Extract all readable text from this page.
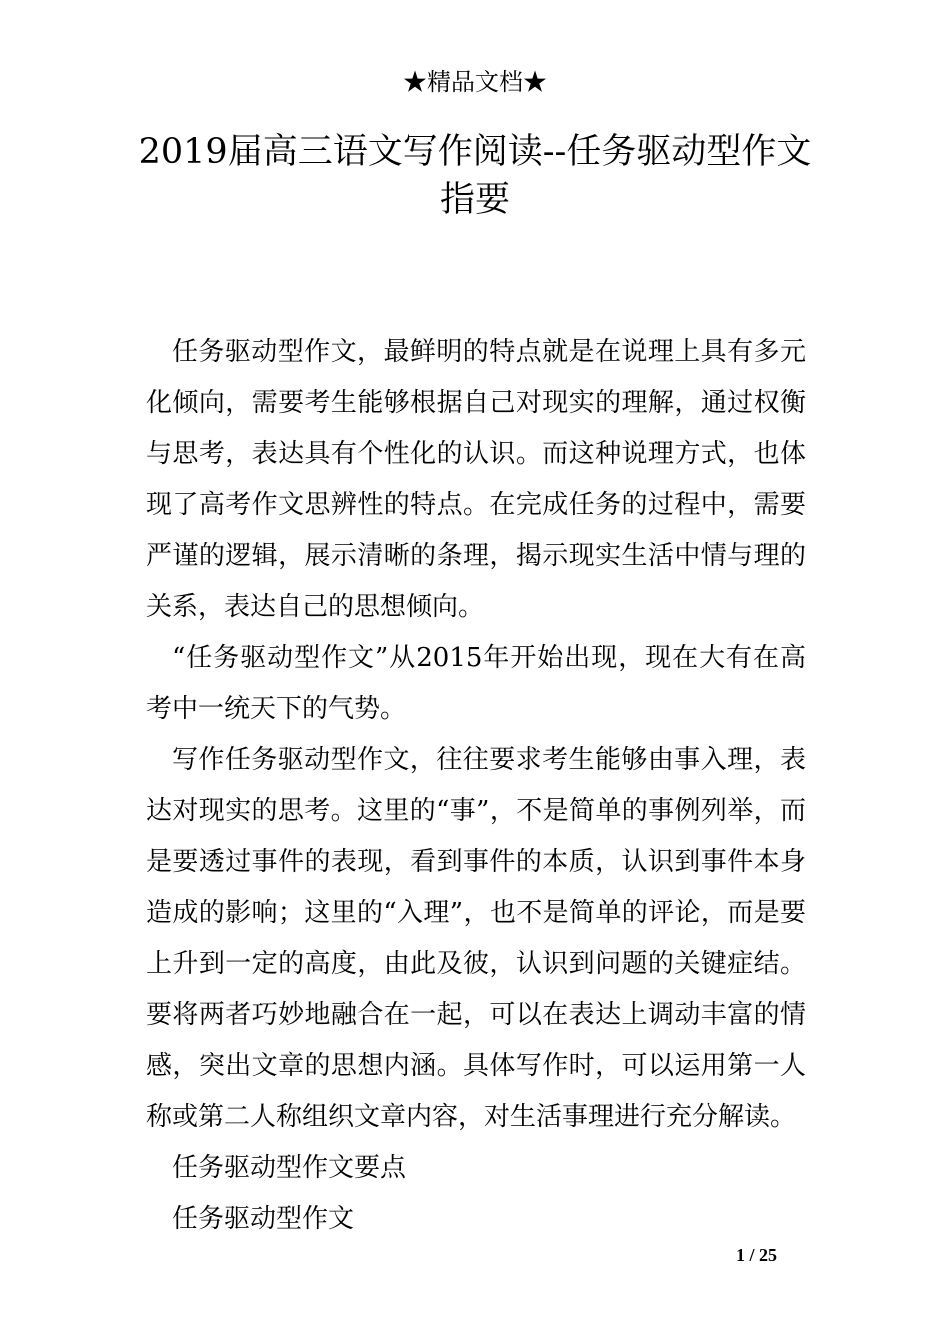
★精品文档★
2019届高三语文写作阅读--任务驱动型作文指要

任务驱动型作文，最鲜明的特点就是在说理上具有多元化倾向，需要考生能够根据自己对现实的理解，通过权衡与思考，表达具有个性化的认识。而这种说理方式，也体现了高考作文思辨性的特点。在完成任务的过程中，需要严谨的逻辑，展示清晰的条理，揭示现实生活中情与理的关系，表达自己的思想倾向。

“任务驱动型作文”从2015年开始出现，现在大有在高考中一统天下的气势。

写作任务驱动型作文，往往要求考生能够由事入理，表达对现实的思考。这里的“事”，不是简单的事例列举，而是要透过事件的表现，看到事件的本质，认识到事件本身造成的影响；这里的“入理”，也不是简单的评论，而是要上升到一定的高度，由此及彼，认识到问题的关键症结。要将两者巧妙地融合在一起，可以在表达上调动丰富的情感，突出文章的思想内涵。具体写作时，可以运用第一人称或第二人称组织文章内容，对生活事理进行充分解读。

任务驱动型作文要点

任务驱动型作文

1 / 25
